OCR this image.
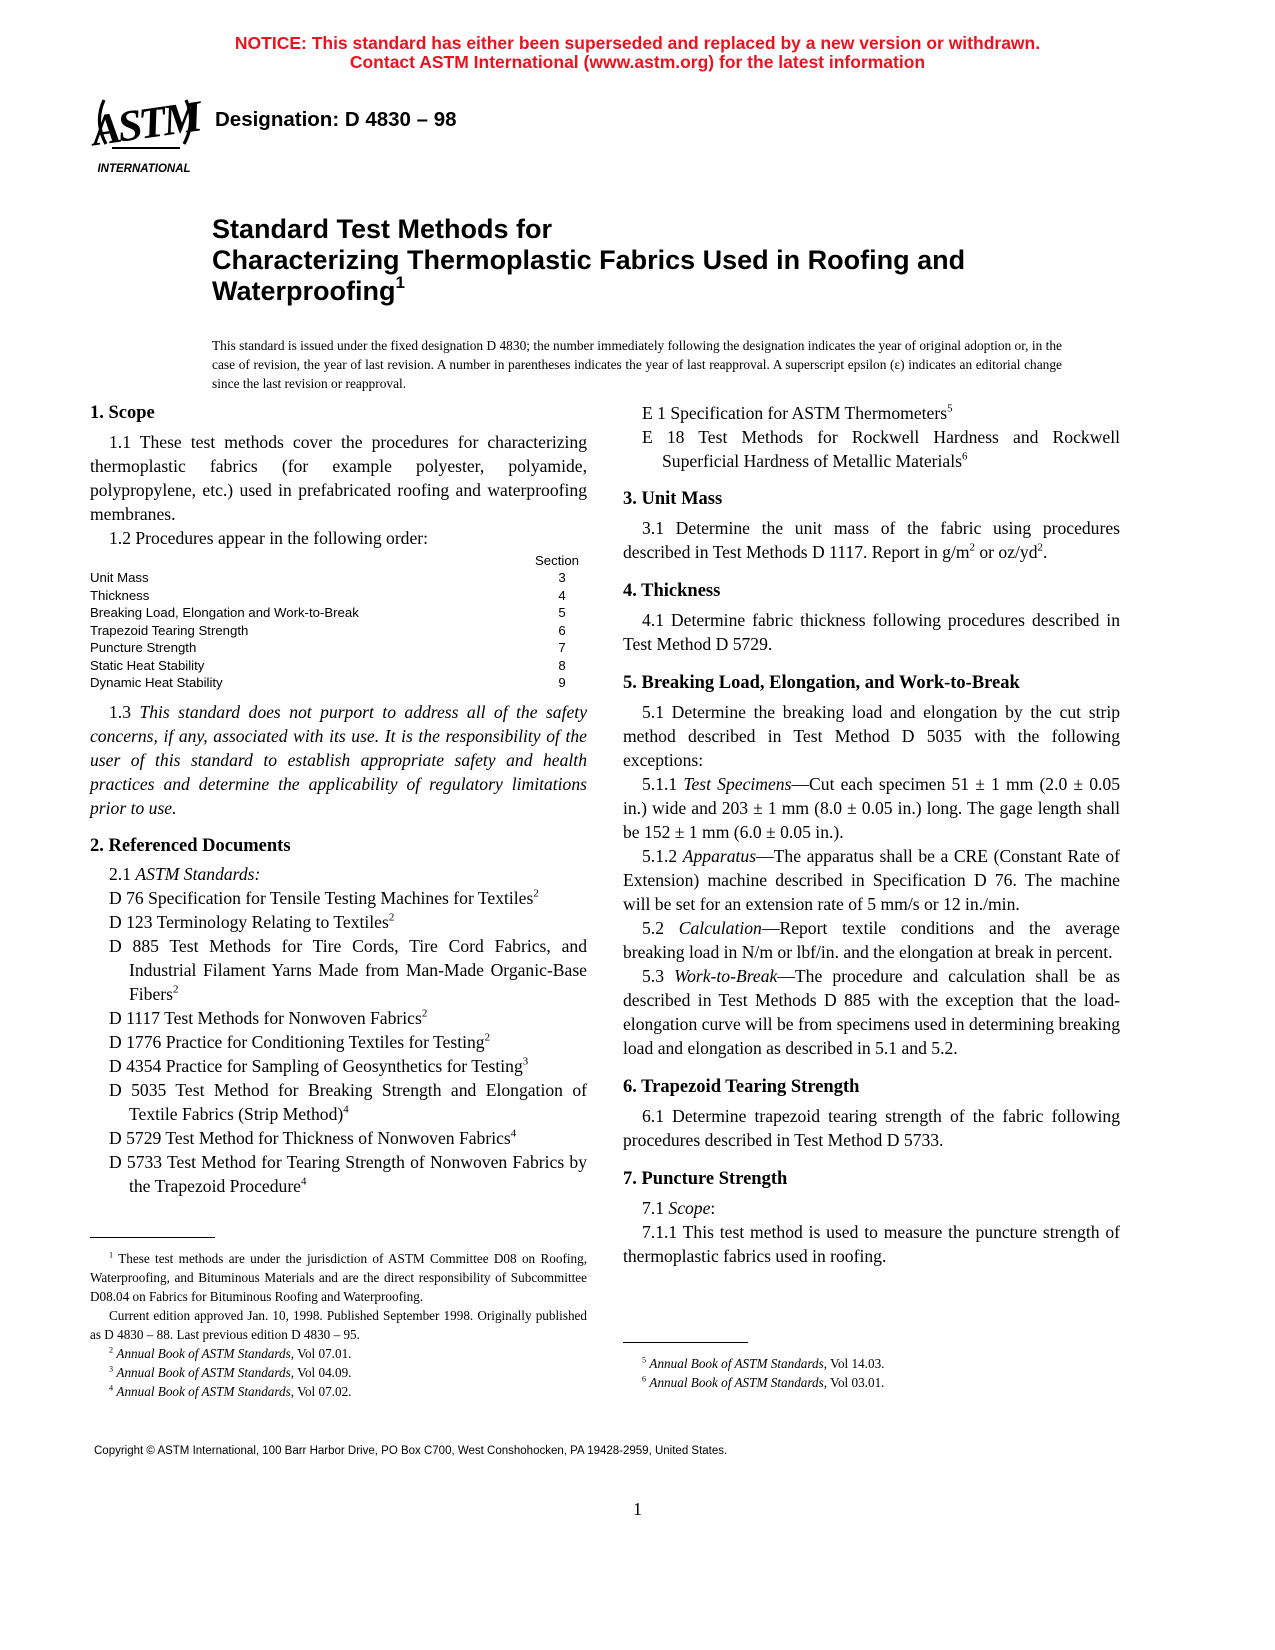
NOTICE: This standard has either been superseded and replaced by a new version or withdrawn.
Contact ASTM International (www.astm.org) for the latest information
ASTM
INTERNATIONAL
Designation: D 4830 – 98
Standard Test Methods for
Characterizing Thermoplastic Fabrics Used in Roofing and
Waterproofing$^1$
This standard is issued under the fixed designation D 4830; the number immediately following the designation indicates the year of original adoption or, in the case of revision, the year of last revision. A number in parentheses indicates the year of last reapproval. A superscript epsilon (ε) indicates an editorial change since the last revision or reapproval.

1. Scope

1.1 These test methods cover the procedures for characterizing thermoplastic fabrics (for example polyester, polyamide, polypropylene, etc.) used in prefabricated roofing and waterproofing membranes.

1.2 Procedures appear in the following order:

Section
Unit Mass	3
Thickness	4
Breaking Load, Elongation and Work-to-Break	5
Trapezoid Tearing Strength	6
Puncture Strength	7
Static Heat Stability	8
Dynamic Heat Stability	9

1.3 This standard does not purport to address all of the safety concerns, if any, associated with its use. It is the responsibility of the user of this standard to establish appropriate safety and health practices and determine the applicability of regulatory limitations prior to use.

2. Referenced Documents

2.1 ASTM Standards:

D 76 Specification for Tensile Testing Machines for Textiles$^2$

D 123 Terminology Relating to Textiles$^2$

D 885 Test Methods for Tire Cords, Tire Cord Fabrics, and Industrial Filament Yarns Made from Man-Made Organic-Base Fibers$^2$

D 1117 Test Methods for Nonwoven Fabrics$^2$

D 1776 Practice for Conditioning Textiles for Testing$^2$

D 4354 Practice for Sampling of Geosynthetics for Testing$^3$

D 5035 Test Method for Breaking Strength and Elongation of Textile Fabrics (Strip Method)$^4$

D 5729 Test Method for Thickness of Nonwoven Fabrics$^4$

D 5733 Test Method for Tearing Strength of Nonwoven Fabrics by the Trapezoid Procedure$^4$

$^1$ These test methods are under the jurisdiction of ASTM Committee D08 on Roofing, Waterproofing, and Bituminous Materials and are the direct responsibility of Subcommittee D08.04 on Fabrics for Bituminous Roofing and Waterproofing.

Current edition approved Jan. 10, 1998. Published September 1998. Originally published as D 4830 – 88. Last previous edition D 4830 – 95.

$^2$ Annual Book of ASTM Standards, Vol 07.01.

$^3$ Annual Book of ASTM Standards, Vol 04.09.

$^4$ Annual Book of ASTM Standards, Vol 07.02.

E 1 Specification for ASTM Thermometers$^5$

E 18 Test Methods for Rockwell Hardness and Rockwell Superficial Hardness of Metallic Materials$^6$

3. Unit Mass

3.1 Determine the unit mass of the fabric using procedures described in Test Methods D 1117. Report in $g/m^2$ or $oz/yd^2$.

4. Thickness

4.1 Determine fabric thickness following procedures described in Test Method D 5729.

5. Breaking Load, Elongation, and Work-to-Break

5.1 Determine the breaking load and elongation by the cut strip method described in Test Method D 5035 with the following exceptions:

5.1.1 Test Specimens—Cut each specimen 51 ± 1 mm (2.0 ± 0.05 in.) wide and 203 ± 1 mm (8.0 ± 0.05 in.) long. The gage length shall be 152 ± 1 mm (6.0 ± 0.05 in.).

5.1.2 Apparatus—The apparatus shall be a CRE (Constant Rate of Extension) machine described in Specification D 76. The machine will be set for an extension rate of 5 mm/s or 12 in./min.

5.2 Calculation—Report textile conditions and the average breaking load in N/m or lbf/in. and the elongation at break in percent.

5.3 Work-to-Break—The procedure and calculation shall be as described in Test Methods D 885 with the exception that the load-elongation curve will be from specimens used in determining breaking load and elongation as described in 5.1 and 5.2.

6. Trapezoid Tearing Strength

6.1 Determine trapezoid tearing strength of the fabric following procedures described in Test Method D 5733.

7. Puncture Strength

7.1 Scope:

7.1.1 This test method is used to measure the puncture strength of thermoplastic fabrics used in roofing.

$^5$ Annual Book of ASTM Standards, Vol 14.03.

$^6$ Annual Book of ASTM Standards, Vol 03.01.

Copyright © ASTM International, 100 Barr Harbor Drive, PO Box C700, West Conshohocken, PA 19428-2959, United States.
1
